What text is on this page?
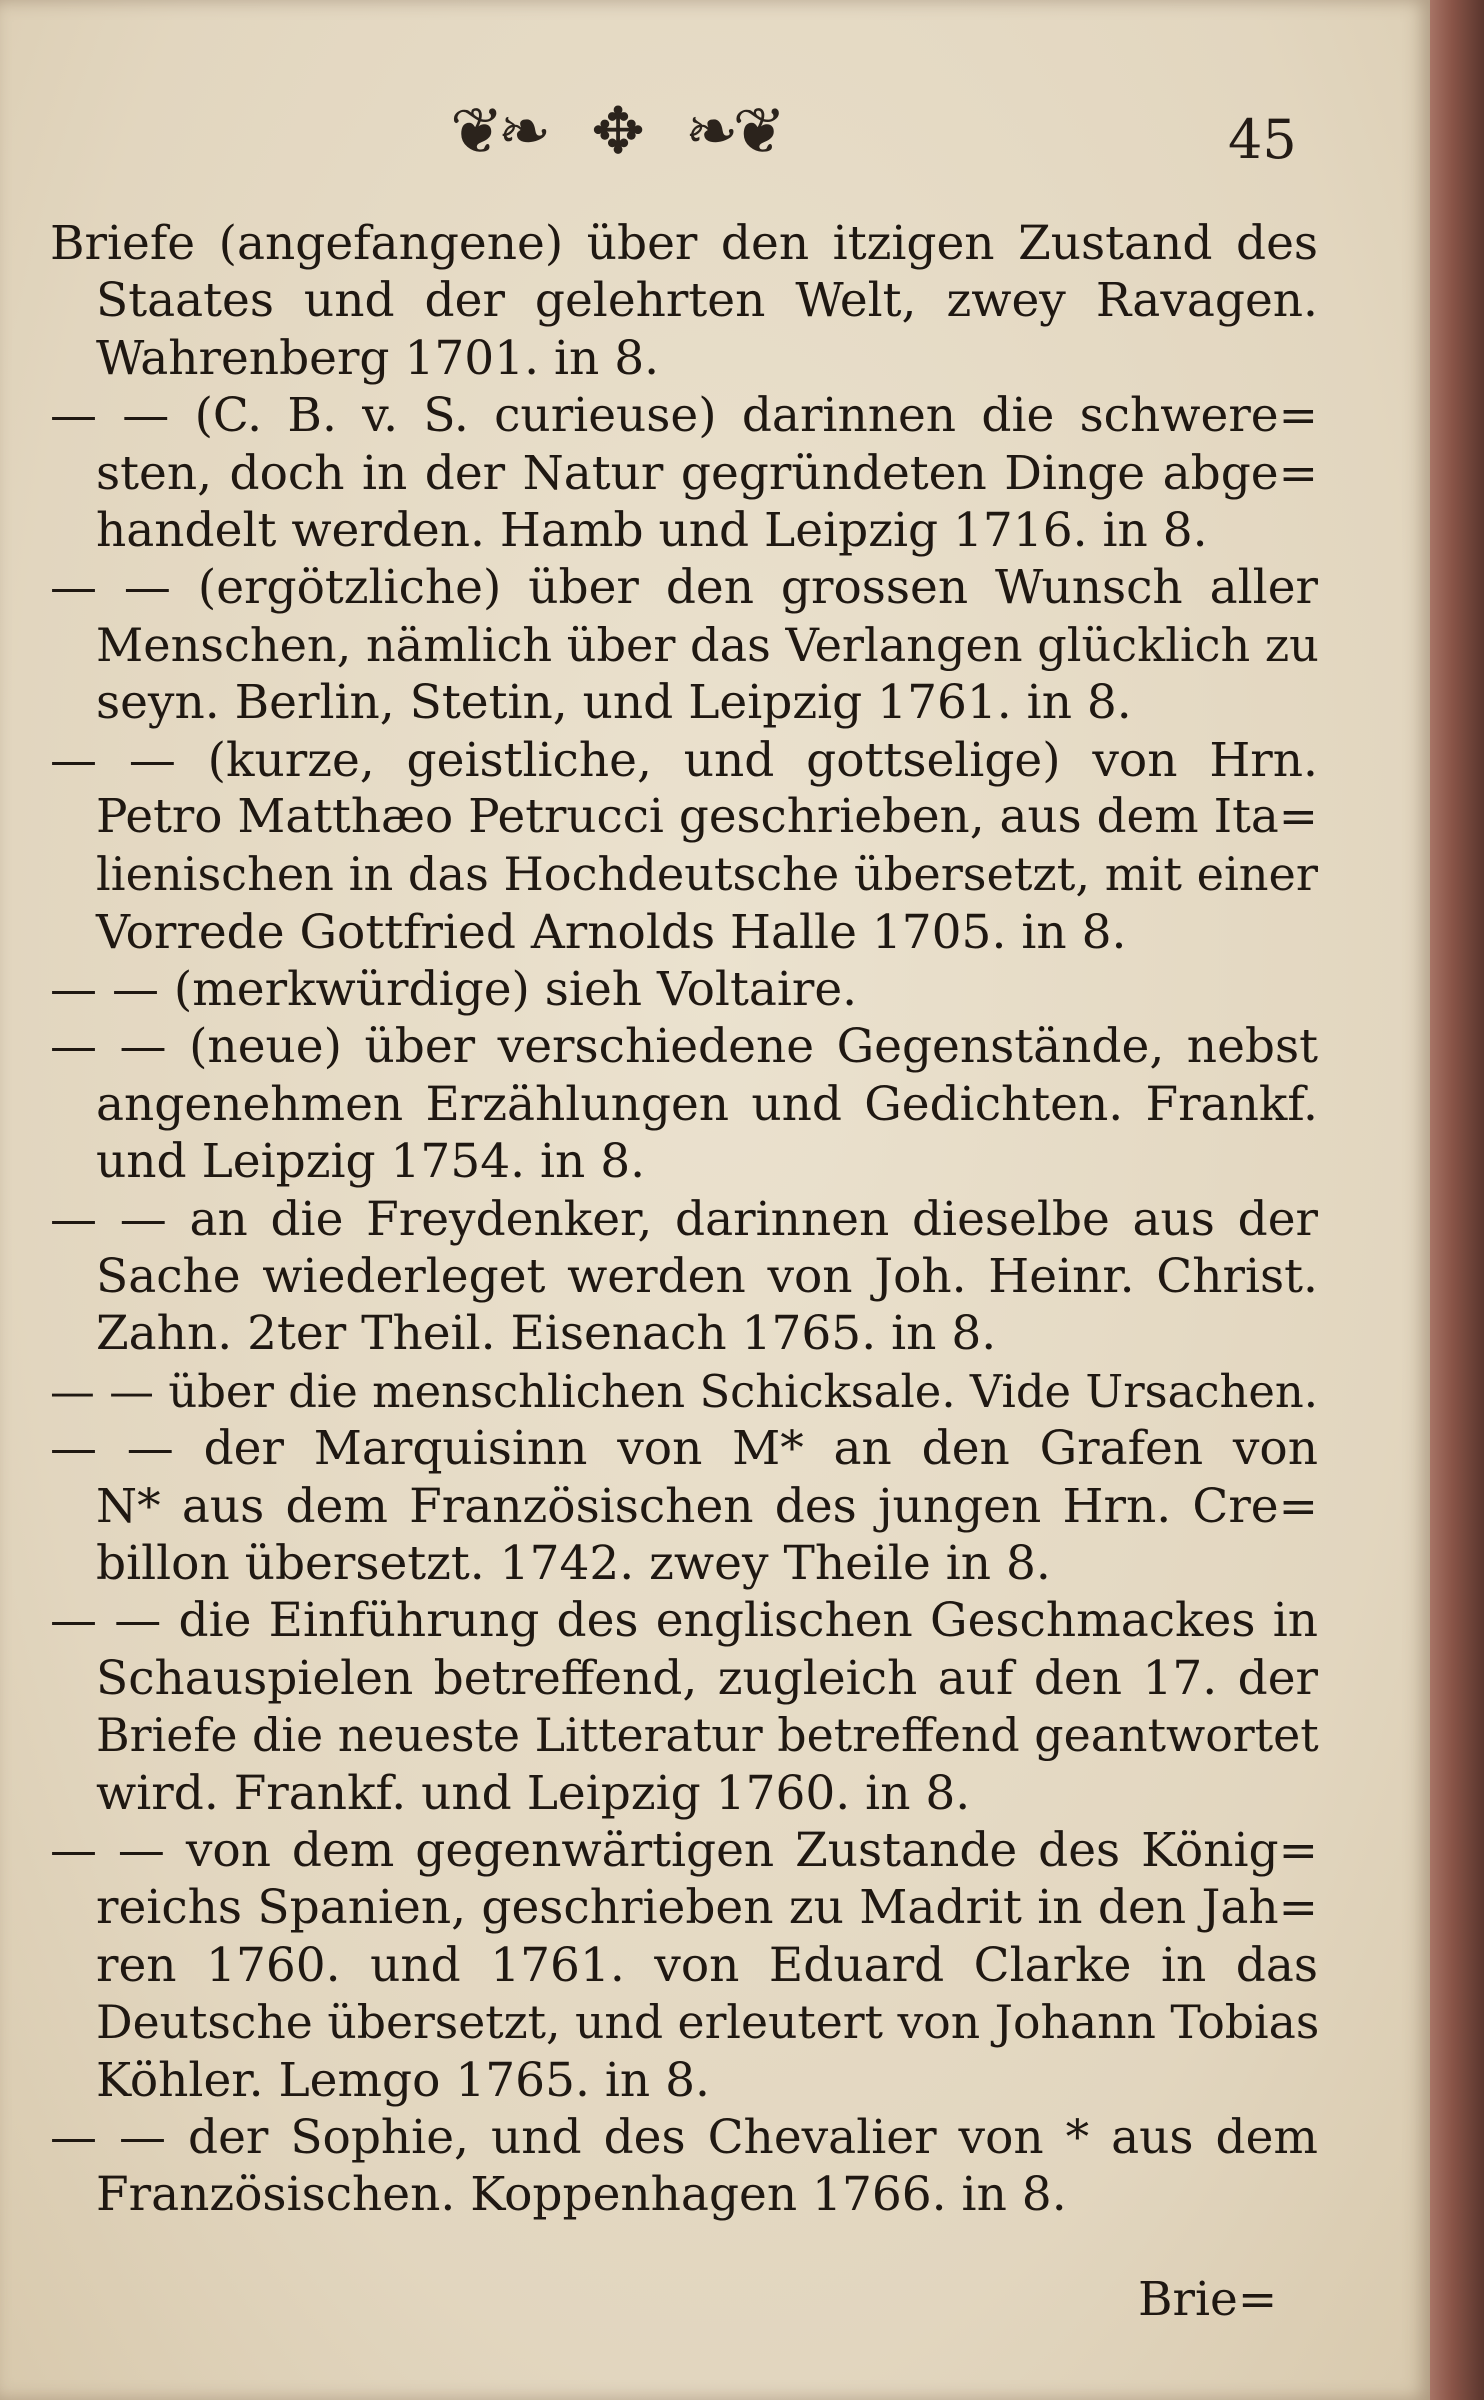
❦❧ ✥ ❧❦	45
Briefe (angefangene) über den itzigen Zustand des
Staates und der gelehrten Welt, zwey Ravagen.
Wahrenberg 1701. in 8.
— — (C. B. v. S. curieuse) darinnen die schwere=
sten, doch in der Natur gegründeten Dinge abge=
handelt werden. Hamb und Leipzig 1716. in 8.
— — (ergötzliche) über den grossen Wunsch aller
Menschen, nämlich über das Verlangen glücklich zu
seyn. Berlin, Stetin, und Leipzig 1761. in 8.
— — (kurze, geistliche, und gottselige) von Hrn.
Petro Matthæo Petrucci geschrieben, aus dem Ita=
lienischen in das Hochdeutsche übersetzt, mit einer
Vorrede Gottfried Arnolds Halle 1705. in 8.
— — (merkwürdige) sieh Voltaire.
— — (neue) über verschiedene Gegenstände, nebst
angenehmen Erzählungen und Gedichten. Frankf.
und Leipzig 1754. in 8.
— — an die Freydenker, darinnen dieselbe aus der
Sache wiederleget werden von Joh. Heinr. Christ.
Zahn. 2ter Theil. Eisenach 1765. in 8.
— — über die menschlichen Schicksale. Vide Ursachen.
— — der Marquisinn von M* an den Grafen von
N* aus dem Französischen des jungen Hrn. Cre=
billon übersetzt. 1742. zwey Theile in 8.
— — die Einführung des englischen Geschmackes in
Schauspielen betreffend, zugleich auf den 17. der
Briefe die neueste Litteratur betreffend geantwortet
wird. Frankf. und Leipzig 1760. in 8.
— — von dem gegenwärtigen Zustande des König=
reichs Spanien, geschrieben zu Madrit in den Jah=
ren 1760. und 1761. von Eduard Clarke in das
Deutsche übersetzt, und erleutert von Johann Tobias
Köhler. Lemgo 1765. in 8.
— — der Sophie, und des Chevalier von * aus dem
Französischen. Koppenhagen 1766. in 8.
Brie=
